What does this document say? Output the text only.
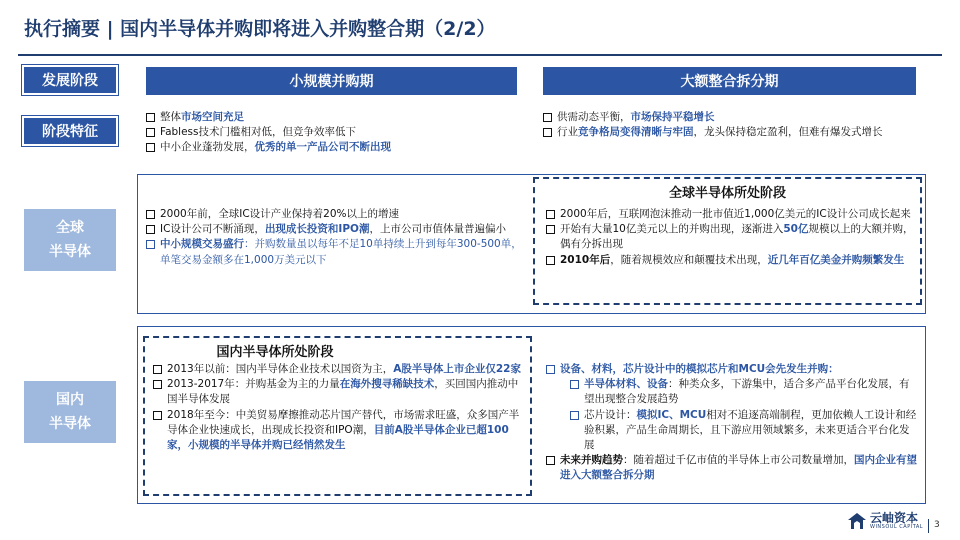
执行摘要 | 国内半导体并购即将进入并购整合期（2/2）
发展阶段	小规模并购期	大额整合拆分期
阶段特征
整体市场空间充足
Fabless技术门槛相对低，但竞争效率低下
中小企业蓬勃发展，优秀的单一产品公司不断出现
供需动态平衡，市场保持平稳增长
行业竞争格局变得清晰与牢固，龙头保持稳定盈利，但难有爆发式增长
全球
半导体
2000年前，全球IC设计产业保持着20%以上的增速
IC设计公司不断涌现，出现成长投资和IPO潮，上市公司市值体量普遍偏小
中小规模交易盛行：并购数量虽以每年不足10单持续上升到每年300-500单，单笔交易金额多在1,000万美元以下
全球半导体所处阶段
2000年后，互联网泡沫推动一批市值近1,000亿美元的IC设计公司成长起来
开始有大量10亿美元以上的并购出现，逐渐进入50亿规模以上的大额并购，偶有分拆出现
2010年后，随着规模效应和颠覆技术出现，近几年百亿美金并购频繁发生
国内
半导体
国内半导体所处阶段
2013年以前：国内半导体企业技术以国资为主，A股半导体上市企业仅22家
2013-2017年：并购基金为主的力量在海外搜寻稀缺技术，买回国内推动中国半导体发展
2018年至今：中美贸易摩擦推动芯片国产替代，市场需求旺盛，众多国产半导体企业快速成长，出现成长投资和IPO潮，目前A股半导体企业已超100家，小规模的半导体并购已经悄然发生
设备、材料，芯片设计中的模拟芯片和MCU会先发生并购：
半导体材料、设备：种类众多，下游集中，适合多产品平台化发展，有望出现整合发展趋势
芯片设计：模拟IC、MCU相对不追逐高端制程，更加依赖人工设计和经验积累，产品生命周期长，且下游应用领域繁多，未来更适合平台化发展
未来并购趋势：随着超过千亿市值的半导体上市公司数量增加，国内企业有望进入大额整合拆分期
云岫资本
WINSOUL CAPITAL 3
